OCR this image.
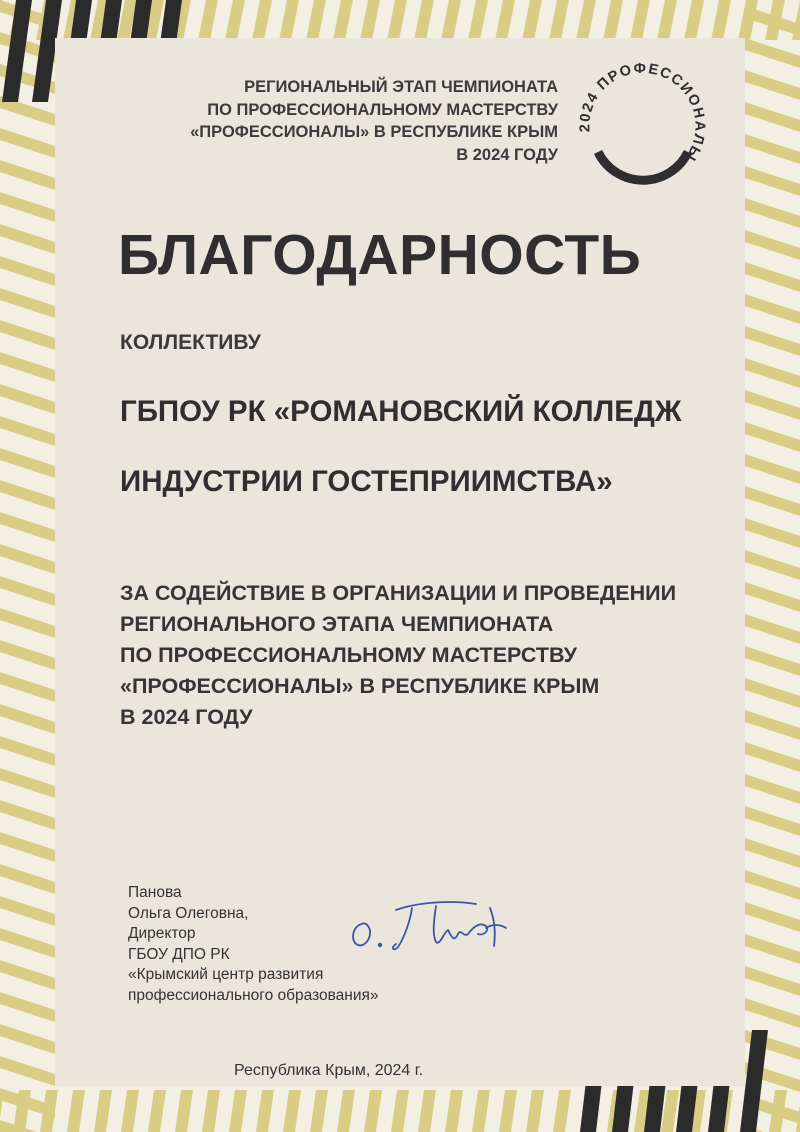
2024 ПРОФЕССИОНАЛЫ
РЕГИОНАЛЬНЫЙ ЭТАП ЧЕМПИОНАТА
ПО ПРОФЕССИОНАЛЬНОМУ МАСТЕРСТВУ
«ПРОФЕССИОНАЛЫ» В РЕСПУБЛИКЕ КРЫМ
В 2024 ГОДУ
БЛАГОДАРНОСТЬ
КОЛЛЕКТИВУ
ГБПОУ РК «РОМАНОВСКИЙ КОЛЛЕДЖ
ИНДУСТРИИ ГОСТЕПРИИМСТВА»
ЗА СОДЕЙСТВИЕ В ОРГАНИЗАЦИИ И ПРОВЕДЕНИИ
РЕГИОНАЛЬНОГО ЭТАПА ЧЕМПИОНАТА
ПО ПРОФЕССИОНАЛЬНОМУ МАСТЕРСТВУ
«ПРОФЕССИОНАЛЫ» В РЕСПУБЛИКЕ КРЫМ
В 2024 ГОДУ
Панова
Ольга Олеговна,
Директор
ГБОУ ДПО РК
«Крымский центр развития
профессионального образования»
Республика Крым, 2024 г.
